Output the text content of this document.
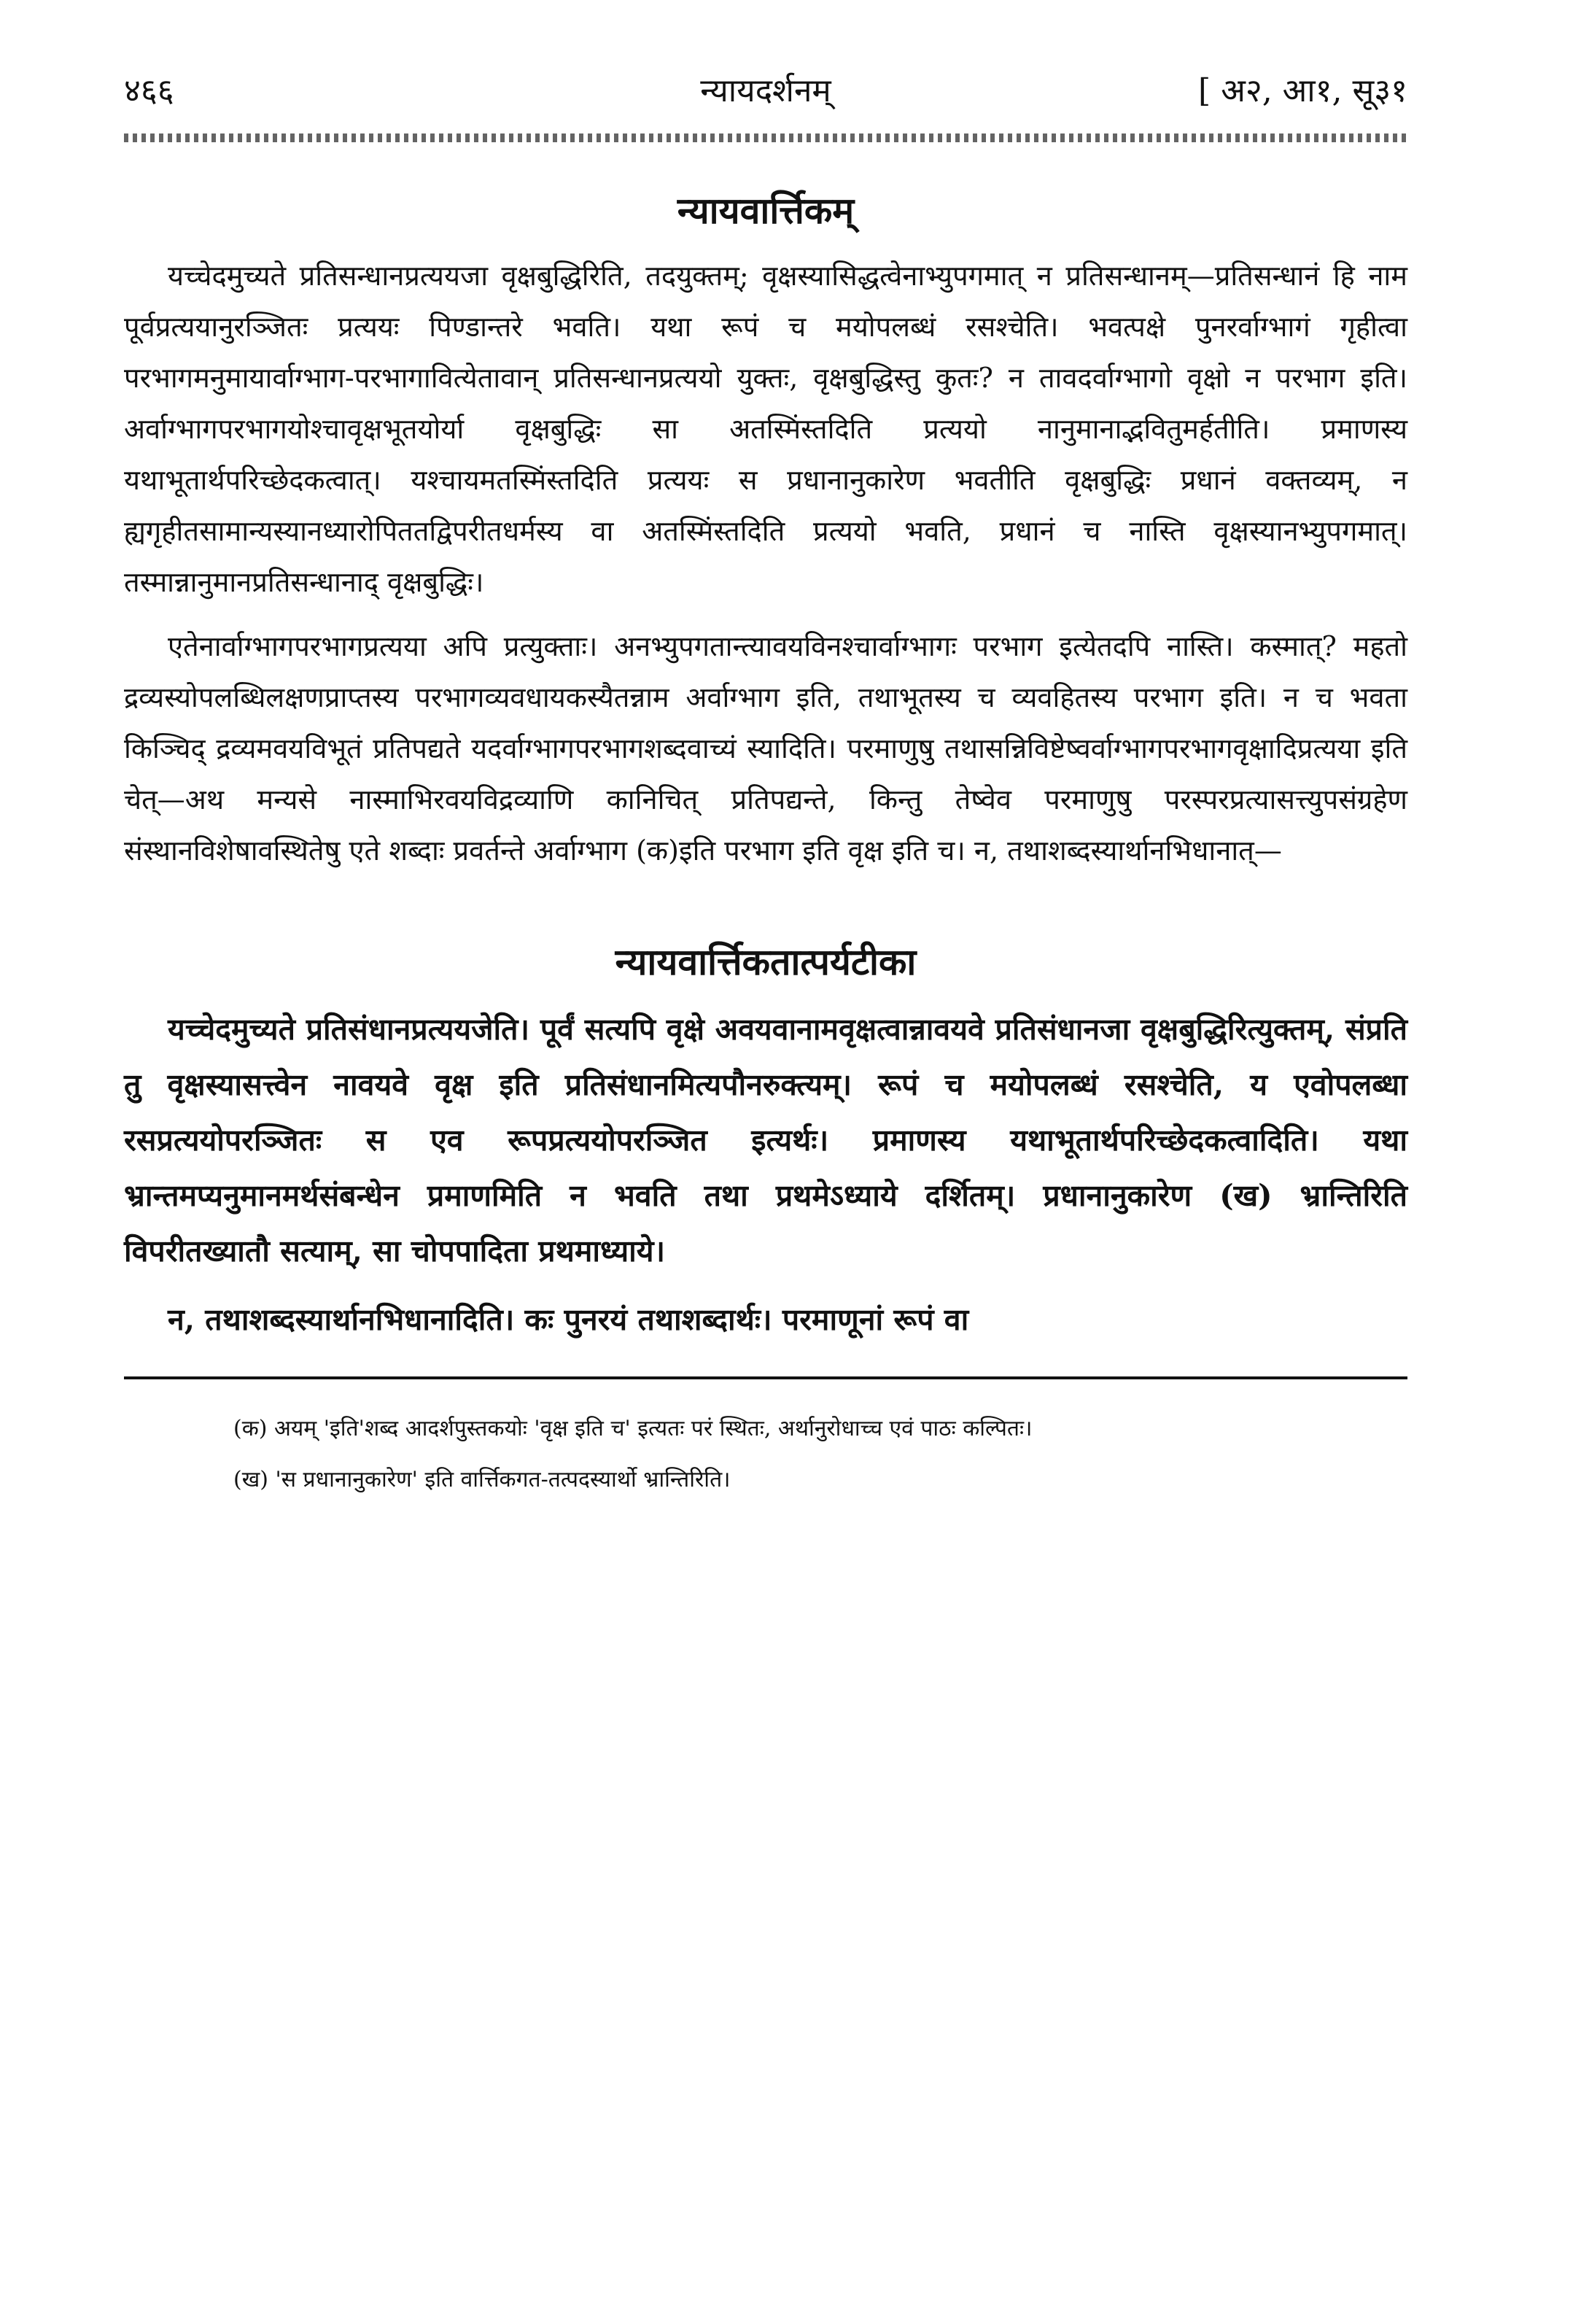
४६६	न्यायदर्शनम्	[ अ२, आ१, सू३१
न्यायवार्त्तिकम्

यच्चेदमुच्यते प्रतिसन्धानप्रत्ययजा वृक्षबुद्धिरिति, तदयुक्तम्; वृक्षस्यासिद्धत्वेनाभ्युपगमात् न प्रतिसन्धानम्—प्रतिसन्धानं हि नाम पूर्वप्रत्ययानुरञ्जितः प्रत्ययः पिण्डान्तरे भवति। यथा रूपं च मयोपलब्धं रसश्चेति। भवत्पक्षे पुनरर्वाग्भागं गृहीत्वा परभागमनुमायार्वाग्भाग-परभागावित्येतावान् प्रतिसन्धानप्रत्ययो युक्तः, वृक्षबुद्धिस्तु कुतः? न तावदर्वाग्भागो वृक्षो न परभाग इति। अर्वाग्भागपरभागयोश्चावृक्षभूतयोर्या वृक्षबुद्धिः सा अतस्मिंस्तदिति प्रत्ययो नानुमानाद्भवितुमर्हतीति। प्रमाणस्य यथाभूतार्थपरिच्छेदकत्वात्। यश्चायमतस्मिंस्तदिति प्रत्ययः स प्रधानानुकारेण भवतीति वृक्षबुद्धिः प्रधानं वक्तव्यम्, न ह्यगृहीतसामान्यस्यानध्यारोपिततद्विपरीतधर्मस्य वा अतस्मिंस्तदिति प्रत्ययो भवति, प्रधानं च नास्ति वृक्षस्यानभ्युपगमात्। तस्मान्नानुमानप्रतिसन्धानाद् वृक्षबुद्धिः।

एतेनार्वाग्भागपरभागप्रत्यया अपि प्रत्युक्ताः। अनभ्युपगतान्त्यावयविनश्चार्वाग्भागः परभाग इत्येतदपि नास्ति। कस्मात्? महतो द्रव्यस्योपलब्धिलक्षणप्राप्तस्य परभागव्यवधायकस्यैतन्नाम अर्वाग्भाग इति, तथाभूतस्य च व्यवहितस्य परभाग इति। न च भवता किञ्चिद् द्रव्यमवयविभूतं प्रतिपद्यते यदर्वाग्भागपरभागशब्दवाच्यं स्यादिति। परमाणुषु तथासन्निविष्टेष्वर्वाग्भागपरभागवृक्षादिप्रत्यया इति चेत्—अथ मन्यसे नास्माभिरवयविद्रव्याणि कानिचित् प्रतिपद्यन्ते, किन्तु तेष्वेव परमाणुषु परस्परप्रत्यासत्त्युपसंग्रहेण संस्थानविशेषावस्थितेषु एते शब्दाः प्रवर्तन्ते अर्वाग्भाग (क)इति परभाग इति वृक्ष इति च। न, तथाशब्दस्यार्थानभिधानात्—

न्यायवार्त्तिकतात्पर्यटीका

यच्चेदमुच्यते प्रतिसंधानप्रत्ययजेति। पूर्वं सत्यपि वृक्षे अवयवानामवृक्षत्वान्नावयवे प्रतिसंधानजा वृक्षबुद्धिरित्युक्तम्, संप्रति तु वृक्षस्यासत्त्वेन नावयवे वृक्ष इति प्रतिसंधानमित्यपौनरुक्त्यम्। रूपं च मयोपलब्धं रसश्चेति, य एवोपलब्धा रसप्रत्ययोपरञ्जितः स एव रूपप्रत्ययोपरञ्जित इत्यर्थः। प्रमाणस्य यथाभूतार्थपरिच्छेदकत्वादिति। यथा भ्रान्तमप्यनुमानमर्थसंबन्धेन प्रमाणमिति न भवति तथा प्रथमेऽध्याये दर्शितम्। प्रधानानुकारेण (ख) भ्रान्तिरिति विपरीतख्यातौ सत्याम्, सा चोपपादिता प्रथमाध्याये।

न, तथाशब्दस्यार्थानभिधानादिति। कः पुनरयं तथाशब्दार्थः। परमाणूनां रूपं वा

(क) अयम् 'इति'शब्द आदर्शपुस्तकयोः 'वृक्ष इति च' इत्यतः परं स्थितः, अर्थानुरोधाच्च एवं पाठः कल्पितः।

(ख) 'स प्रधानानुकारेण' इति वार्त्तिकगत-तत्पदस्यार्थो भ्रान्तिरिति।
